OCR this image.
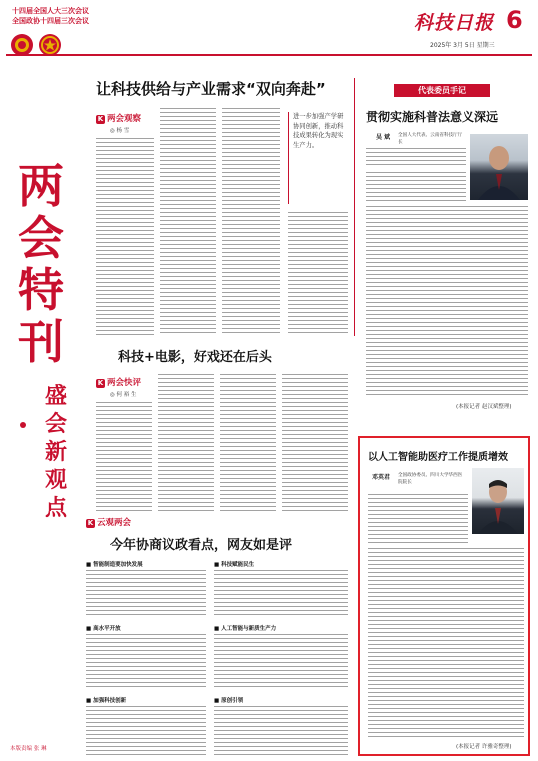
十四届全国人大三次会议
全国政协十四届三次会议	科技日报 6
2025年 3月 5日 星期三
两
会
特
刊
盛
会
新
观
点
让科技供给与产业需求“双向奔赴”
K 两会观察
◎ 杨 雪
进一步加强产学研协同创新，推动科技成果转化为现实生产力。
代表委员手记
贯彻实施科普法意义深远
吴 斌 全国人大代表、云南省科技厅厅长
(本报记者 赵汉斌整理)
科技+电影，好戏还在后头
K 两会快评
◎ 何 裕 生
K 云观两会
今年协商议政看点，网友如是评
■ 智能制造要加快发展
■ 高水平开放
■ 加强科技创新
■ 科技赋能民生
■ 人工智能与新质生产力
■ 原创引领
以人工智能助医疗工作提质增效
邓英君 全国政协委员、四川大学华西医院院长
(本报记者 许雅奇整理)
本版责编 张 琳
